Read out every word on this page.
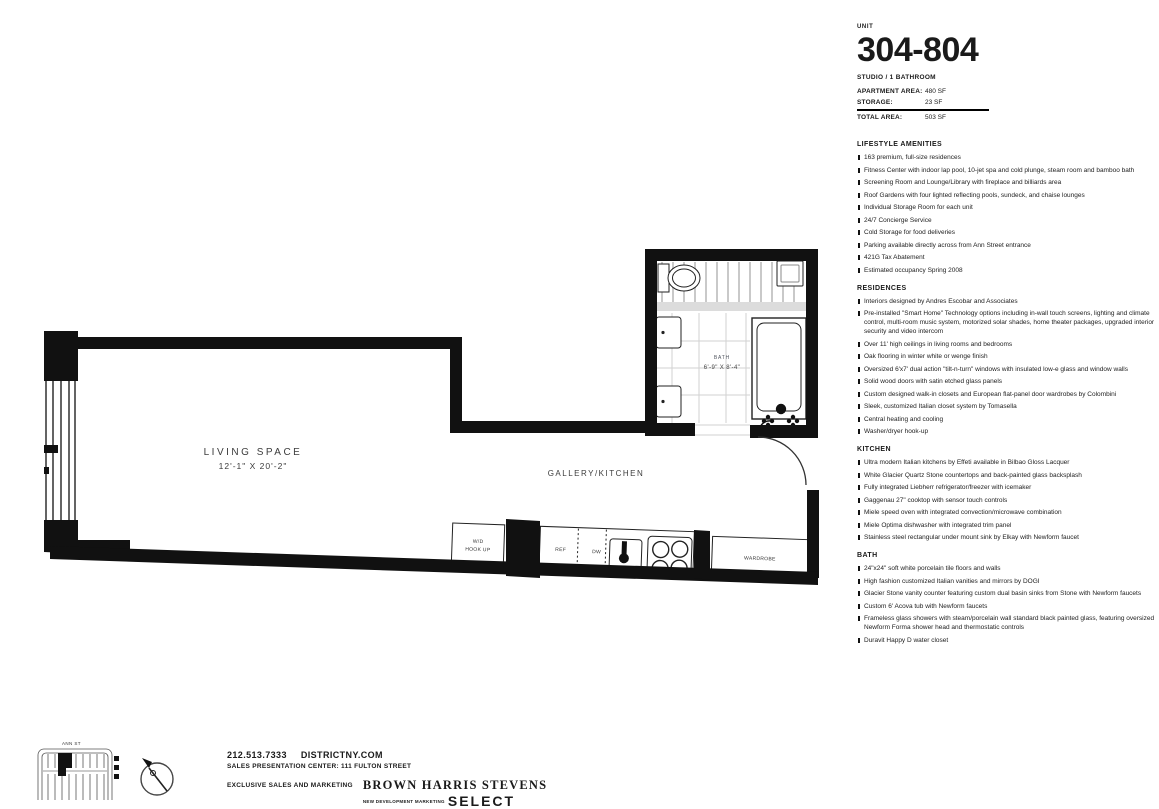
W/D
HOOK UP	REF	DW
WARDROBE
LIVING SPACE
12'-1" X 20'-2"
GALLERY/KITCHEN
BATH
6'-9" X 8'-4"
ANN ST
UNIT
304-804
STUDIO / 1 BATHROOM
APARTMENT AREA: 480 SF
STORAGE:	23 SF
TOTAL AREA:	503 SF
LIFESTYLE AMENITIES
163 premium, full-size residences
Fitness Center with indoor lap pool, 10-jet spa and cold plunge, steam room and bamboo bath
Screening Room and Lounge/Library with fireplace and billiards area
Roof Gardens with four lighted reflecting pools, sundeck, and chaise lounges
Individual Storage Room for each unit
24/7 Concierge Service
Cold Storage for food deliveries
Parking available directly across from Ann Street entrance
421G Tax Abatement
Estimated occupancy Spring 2008
RESIDENCES
Interiors designed by Andres Escobar and Associates
Pre-installed "Smart Home" Technology options including in-wall touch screens, lighting and climate control, multi-room music system, motorized solar shades, home theater packages, upgraded interior security and video intercom
Over 11' high ceilings in living rooms and bedrooms
Oak flooring in winter white or wenge finish
Oversized 6'x7' dual action "tilt-n-turn" windows with insulated low-e glass and window walls
Solid wood doors with satin etched glass panels
Custom designed walk-in closets and European flat-panel door wardrobes by Colombini
Sleek, customized Italian closet system by Tomasella
Central heating and cooling
Washer/dryer hook-up
KITCHEN
Ultra modern Italian kitchens by Effeti available in Bilbao Gloss Lacquer
White Glacier Quartz Stone countertops and back-painted glass backsplash
Fully integrated Liebherr refrigerator/freezer with icemaker
Gaggenau 27" cooktop with sensor touch controls
Miele speed oven with integrated convection/microwave combination
Miele Optima dishwasher with integrated trim panel
Stainless steel rectangular under mount sink by Elkay with Newform faucet
BATH
24"x24" soft white porcelain tile floors and walls
High fashion customized Italian vanities and mirrors by DOGI
Glacier Stone vanity counter featuring custom dual basin sinks from Stone with Newform faucets
Custom 6' Acova tub with Newform faucets
Frameless glass showers with steam/porcelain wall standard black painted glass, featuring oversized Newform Forma shower head and thermostatic controls
Duravit Happy D water closet
212.513.7333 DISTRICTNY.COM
SALES PRESENTATION CENTER: 111 FULTON STREET
EXCLUSIVE SALES AND MARKETING BROWN HARRIS STEVENS
NEW DEVELOPMENT MARKETING SELECT
